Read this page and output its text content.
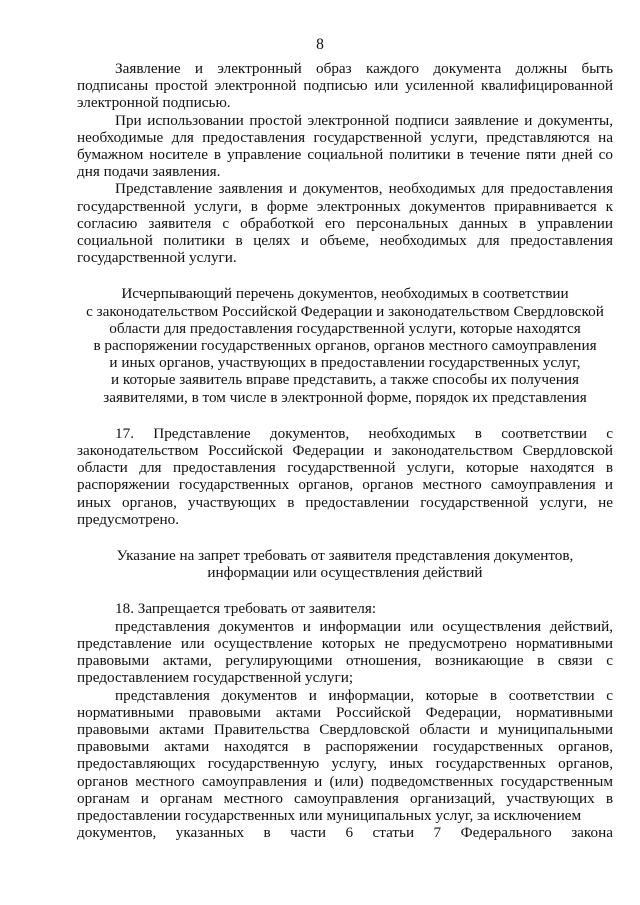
8

Заявление и электронный образ каждого документа должны быть подписаны простой электронной подписью или усиленной квалифицированной электронной подписью.

При использовании простой электронной подписи заявление и документы, необходимые для предоставления государственной услуги, представляются на бумажном носителе в управление социальной политики в течение пяти дней со дня подачи заявления.

Представление заявления и документов, необходимых для предоставления государственной услуги, в форме электронных документов приравнивается к согласию заявителя с обработкой его персональных данных в управлении социальной политики в целях и объеме, необходимых для предоставления государственной услуги.

Исчерпывающий перечень документов, необходимых в соответствии
с законодательством Российской Федерации и законодательством Свердловской
области для предоставления государственной услуги, которые находятся
в распоряжении государственных органов, органов местного самоуправления
и иных органов, участвующих в предоставлении государственных услуг,
и которые заявитель вправе представить, а также способы их получения
заявителями, в том числе в электронной форме, порядок их представления

17. Представление документов, необходимых в соответствии с законодательством Российской Федерации и законодательством Свердловской области для предоставления государственной услуги, которые находятся в распоряжении государственных органов, органов местного самоуправления и иных органов, участвующих в предоставлении государственной услуги, не предусмотрено.

Указание на запрет требовать от заявителя представления документов,
информации или осуществления действий

18. Запрещается требовать от заявителя:

представления документов и информации или осуществления действий, представление или осуществление которых не предусмотрено нормативными правовыми актами, регулирующими отношения, возникающие в связи с предоставлением государственной услуги;

представления документов и информации, которые в соответствии с нормативными правовыми актами Российской Федерации, нормативными правовыми актами Правительства Свердловской области и муниципальными правовыми актами находятся в распоряжении государственных органов, предоставляющих государственную услугу, иных государственных органов, органов местного самоуправления и (или) подведомственных государственным органам и органам местного самоуправления организаций, участвующих в предоставлении государственных или муниципальных услуг, за исключением

документов, указанных в части 6 статьи 7 Федерального закона
